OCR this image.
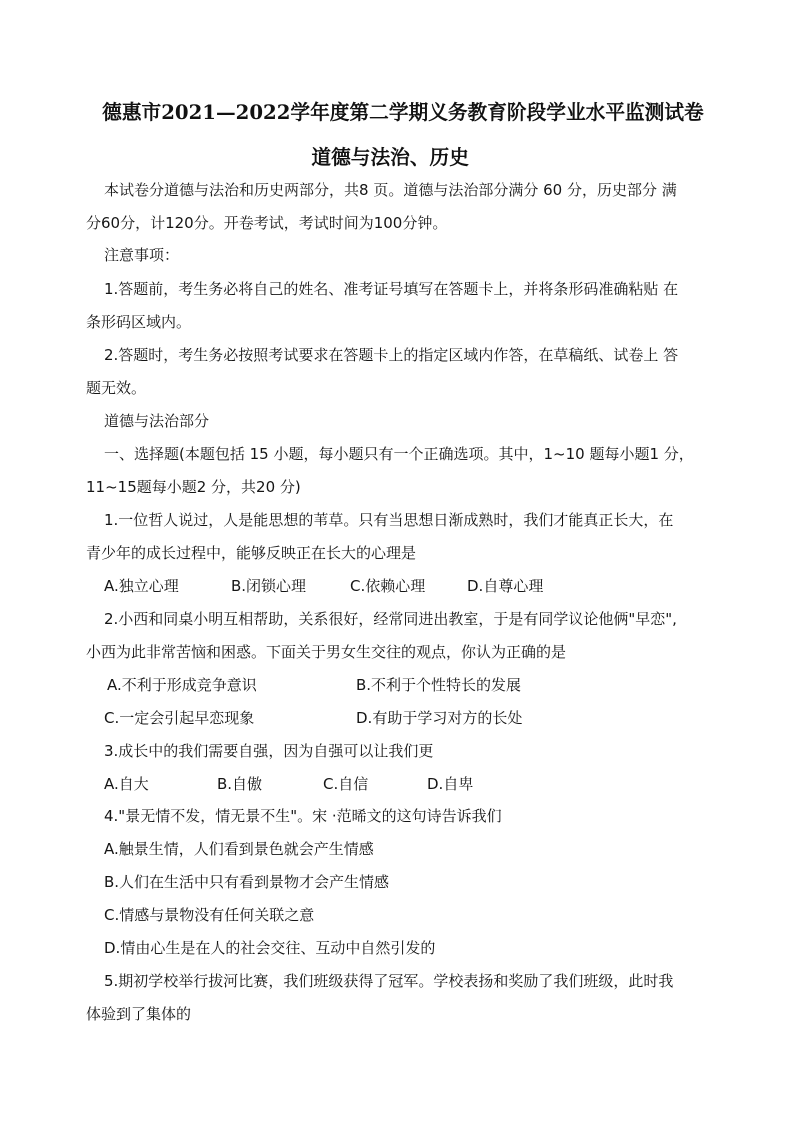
德惠市2021—2022学年度第二学期义务教育阶段学业水平监测试卷
道德与法治、历史
本试卷分道德与法治和历史两部分，共8 页。道德与法治部分满分 60 分，历史部分 满
分60分，计120分。开卷考试，考试时间为100分钟。
注意事项：
1.答题前，考生务必将自己的姓名、准考证号填写在答题卡上，并将条形码准确粘贴 在
条形码区域内。
2.答题时，考生务必按照考试要求在答题卡上的指定区域内作答，在草稿纸、试卷上 答
题无效。
道德与法治部分
一、选择题(本题包括 15 小题，每小题只有一个正确选项。其中，1~10 题每小题1 分，
11~15题每小题2 分，共20 分)
1.一位哲人说过，人是能思想的苇草。只有当思想日渐成熟时，我们才能真正长大，在
青少年的成长过程中，能够反映正在长大的心理是
A.独立心理	B.闭锁心理	C.依赖心理	D.自尊心理
2.小西和同桌小明互相帮助，关系很好，经常同进出教室，于是有同学议论他俩"早恋",
小西为此非常苦恼和困惑。下面关于男女生交往的观点，你认为正确的是
A.不利于形成竞争意识	B.不利于个性特长的发展
C.一定会引起早恋现象	D.有助于学习对方的长处
3.成长中的我们需要自强，因为自强可以让我们更
A.自大	B.自傲	C.自信	D.自卑
4."景无情不发，情无景不生"。宋 ·范晞文的这句诗告诉我们
A.触景生情，人们看到景色就会产生情感
B.人们在生活中只有看到景物才会产生情感
C.情感与景物没有任何关联之意
D.情由心生是在人的社会交往、互动中自然引发的
5.期初学校举行拔河比赛，我们班级获得了冠军。学校表扬和奖励了我们班级，此时我
体验到了集体的
